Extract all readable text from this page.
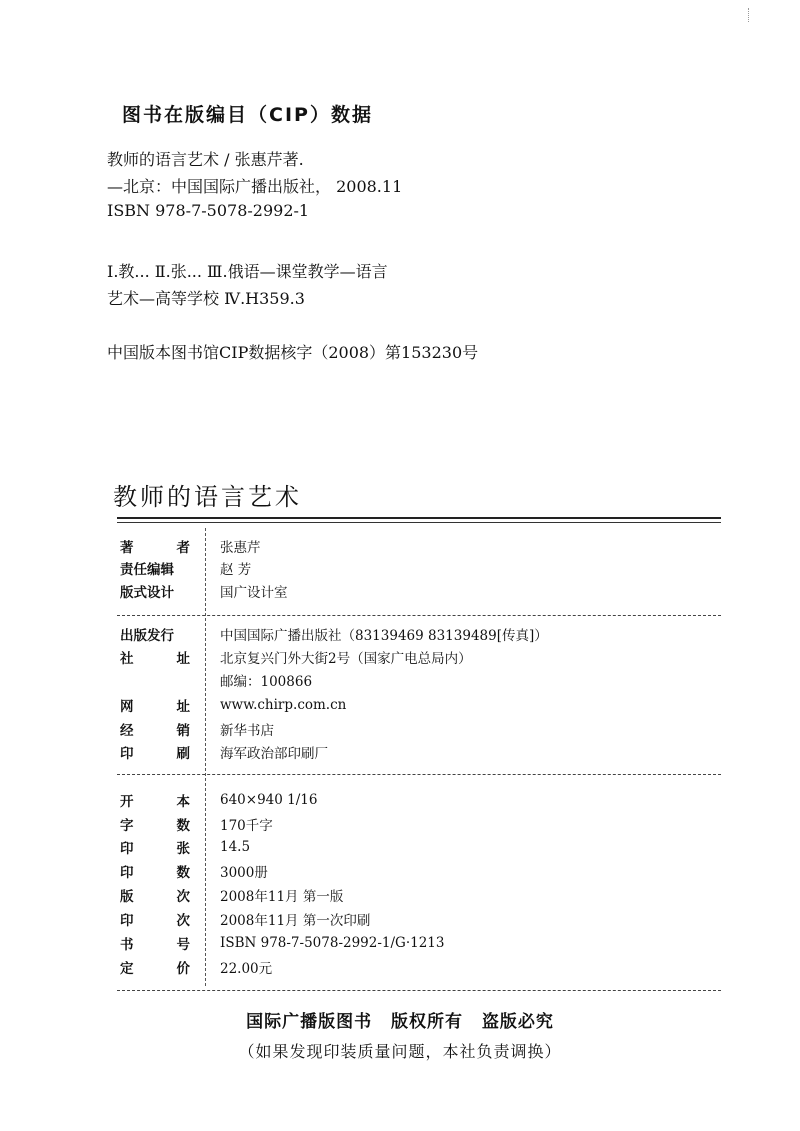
图书在版编目（CIP）数据
教师的语言艺术 / 张惠芹著.
—北京：中国国际广播出版社， 2008.11
ISBN 978-7-5078-2992-1
Ⅰ.教... Ⅱ.张... Ⅲ.俄语—课堂教学—语言
艺术—高等学校 Ⅳ.H359.3
中国版本图书馆CIP数据核字（2008）第153230号
教师的语言艺术
著	者 张惠芹
责任编辑	赵 芳
版式设计	国广设计室
出版发行	中国国际广播出版社（83139469 83139489[传真]）
社	址 北京复兴门外大街2号（国家广电总局内）
邮编：100866
网	址 www.chirp.com.cn
经	销 新华书店
印	刷 海军政治部印刷厂
开	本 640×940 1/16
字	数 170千字
印	张 14.5
印	数 3000册
版	次 2008年11月 第一版
印	次 2008年11月 第一次印刷
书	号 ISBN 978-7-5078-2992-1/G·1213
定	价 22.00元
国际广播版图书 版权所有 盗版必究
（如果发现印装质量问题，本社负责调换）
